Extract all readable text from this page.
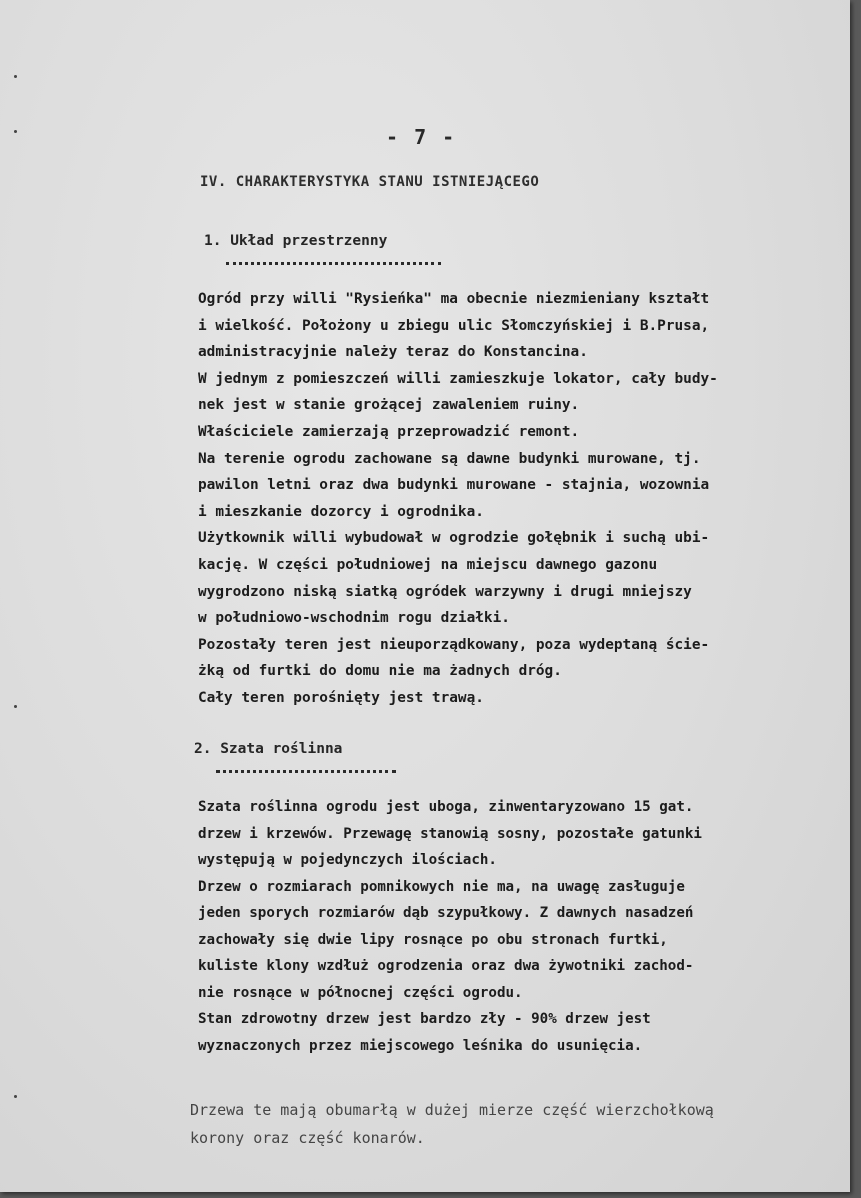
- 7 -
IV. CHARAKTERYSTYKA STANU ISTNIEJĄCEGO
1. Układ przestrzenny
Ogród przy willi "Rysieńka" ma obecnie niezmieniany kształt
i wielkość. Położony u zbiegu ulic Słomczyńskiej i B.Prusa,
administracyjnie należy teraz do Konstancina.
W jednym z pomieszczeń willi zamieszkuje lokator, cały budy-
nek jest w stanie grożącej zawaleniem ruiny.
Właściciele zamierzają przeprowadzić remont.
Na terenie ogrodu zachowane są dawne budynki murowane, tj.
pawilon letni oraz dwa budynki murowane - stajnia, wozownia
i mieszkanie dozorcy i ogrodnika.
Użytkownik willi wybudował w ogrodzie gołębnik i suchą ubi-
kację. W części południowej na miejscu dawnego gazonu
wygrodzono niską siatką ogródek warzywny i drugi mniejszy
w południowo-wschodnim rogu działki.
Pozostały teren jest nieuporządkowany, poza wydeptaną ście-
żką od furtki do domu nie ma żadnych dróg.
Cały teren porośnięty jest trawą.
2. Szata roślinna
Szata roślinna ogrodu jest uboga, zinwentaryzowano 15 gat.
drzew i krzewów. Przewagę stanowią sosny, pozostałe gatunki
występują w pojedynczych ilościach.
Drzew o rozmiarach pomnikowych nie ma, na uwagę zasługuje
jeden sporych rozmiarów dąb szypułkowy. Z dawnych nasadzeń
zachowały się dwie lipy rosnące po obu stronach furtki,
kuliste klony wzdłuż ogrodzenia oraz dwa żywotniki zachod-
nie rosnące w północnej części ogrodu.
Stan zdrowotny drzew jest bardzo zły - 90% drzew jest
wyznaczonych przez miejscowego leśnika do usunięcia.
Drzewa te mają obumarłą w dużej mierze część wierzchołkową
korony oraz część konarów.
